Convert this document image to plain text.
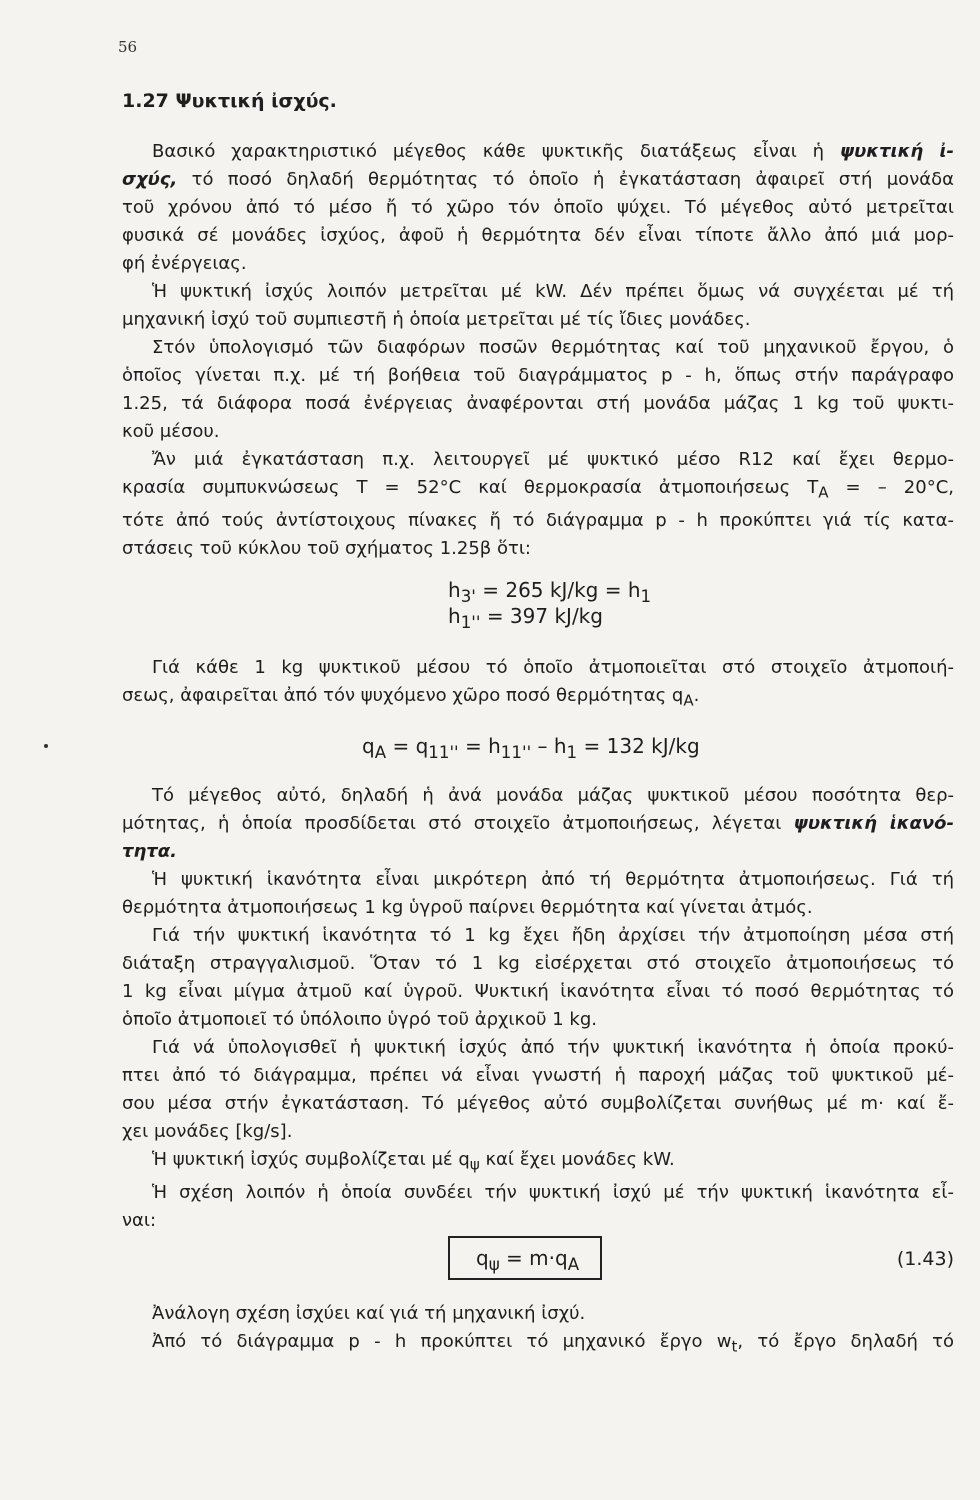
56
1.27 Ψυκτική ἰσχύς.

Βασικό χαρακτηριστικό μέγεθος κάθε ψυκτικῆς διατάξεως εἶναι ἡ ψυκτική ἰ-
σχύς, τό ποσό δηλαδή θερμότητας τό ὁποῖο ἡ ἐγκατάσταση ἀφαιρεῖ στή μονάδα
τοῦ χρόνου ἀπό τό μέσο ἤ τό χῶρο τόν ὁποῖο ψύχει. Τό μέγεθος αὐτό μετρεῖται
φυσικά σέ μονάδες ἰσχύος, ἀφοῦ ἡ θερμότητα δέν εἶναι τίποτε ἄλλο ἀπό μιά μορ-
φή ἐνέργειας.

Ἡ ψυκτική ἰσχύς λοιπόν μετρεῖται μέ kW. Δέν πρέπει ὅμως νά συγχέεται μέ τή
μηχανική ἰσχύ τοῦ συμπιεστῆ ἡ ὁποία μετρεῖται μέ τίς ἴδιες μονάδες.

Στόν ὑπολογισμό τῶν διαφόρων ποσῶν θερμότητας καί τοῦ μηχανικοῦ ἔργου, ὁ
ὁποῖος γίνεται π.χ. μέ τή βοήθεια τοῦ διαγράμματος p - h, ὅπως στήν παράγραφο
1.25, τά διάφορα ποσά ἐνέργειας ἀναφέρονται στή μονάδα μάζας 1 kg τοῦ ψυκτι-
κοῦ μέσου.

Ἄν μιά ἐγκατάσταση π.χ. λειτουργεῖ μέ ψυκτικό μέσο R12 καί ἔχει θερμο-
κρασία συμπυκνώσεως T = 52°C καί θερμοκρασία ἀτμοποιήσεως $T_A$ = – 20°C,
τότε ἀπό τούς ἀντίστοιχους πίνακες ἤ τό διάγραμμα p - h προκύπτει γιά τίς κατα-
στάσεις τοῦ κύκλου τοῦ σχήματος 1.25β ὅτι:

$h_{3'} = 265$ $kJ/kg = h_1$
$h_{1''} = 397$ kJ/kg

Γιά κάθε 1 kg ψυκτικοῦ μέσου τό ὁποῖο ἀτμοποιεῖται στό στοιχεῖο ἀτμοποιή-
σεως, ἀφαιρεῖται ἀπό τόν ψυχόμενο χῶρο ποσό θερμότητας $q_A$.

$q_A = q_{11''} = h_{11''} - h_1 = 132$ kJ/kg

Τό μέγεθος αὐτό, δηλαδή ἡ ἀνά μονάδα μάζας ψυκτικοῦ μέσου ποσότητα θερ-
μότητας, ἡ ὁποία προσδίδεται στό στοιχεῖο ἀτμοποιήσεως, λέγεται ψυκτική ἱκανό-
τητα.

Ἡ ψυκτική ἱκανότητα εἶναι μικρότερη ἀπό τή θερμότητα ἀτμοποιήσεως. Γιά τή
θερμότητα ἀτμοποιήσεως 1 kg ὑγροῦ παίρνει θερμότητα καί γίνεται ἀτμός.

Γιά τήν ψυκτική ἱκανότητα τό 1 kg ἔχει ἤδη ἀρχίσει τήν ἀτμοποίηση μέσα στή
διάταξη στραγγαλισμοῦ. Ὅταν τό 1 kg εἰσέρχεται στό στοιχεῖο ἀτμοποιήσεως τό
1 kg εἶναι μίγμα ἀτμοῦ καί ὑγροῦ. Ψυκτική ἱκανότητα εἶναι τό ποσό θερμότητας τό
ὁποῖο ἀτμοποιεῖ τό ὑπόλοιπο ὑγρό τοῦ ἀρχικοῦ 1 kg.

Γιά νά ὑπολογισθεῖ ἡ ψυκτική ἰσχύς ἀπό τήν ψυκτική ἱκανότητα ἡ ὁποία προκύ-
πτει ἀπό τό διάγραμμα, πρέπει νά εἶναι γνωστή ἡ παροχή μάζας τοῦ ψυκτικοῦ μέ-
σου μέσα στήν ἐγκατάσταση. Τό μέγεθος αὐτό συμβολίζεται συνήθως μέ m· καί ἔ-
χει μονάδες [kg/s].

Ἡ ψυκτική ἰσχύς συμβολίζεται μέ $q_\psi$ καί ἔχει μονάδες kW.
Ἡ σχέση λοιπόν ἡ ὁποία συνδέει τήν ψυκτική ἰσχύ μέ τήν ψυκτική ἱκανότητα εἶ-
ναι:

$q_\psi = m\cdot q_A$	(1.43)

Ἀνάλογη σχέση ἰσχύει καί γιά τή μηχανική ἰσχύ.
Ἀπό τό διάγραμμα p - h προκύπτει τό μηχανικό ἔργο $w_t$, τό ἔργο δηλαδή τό
